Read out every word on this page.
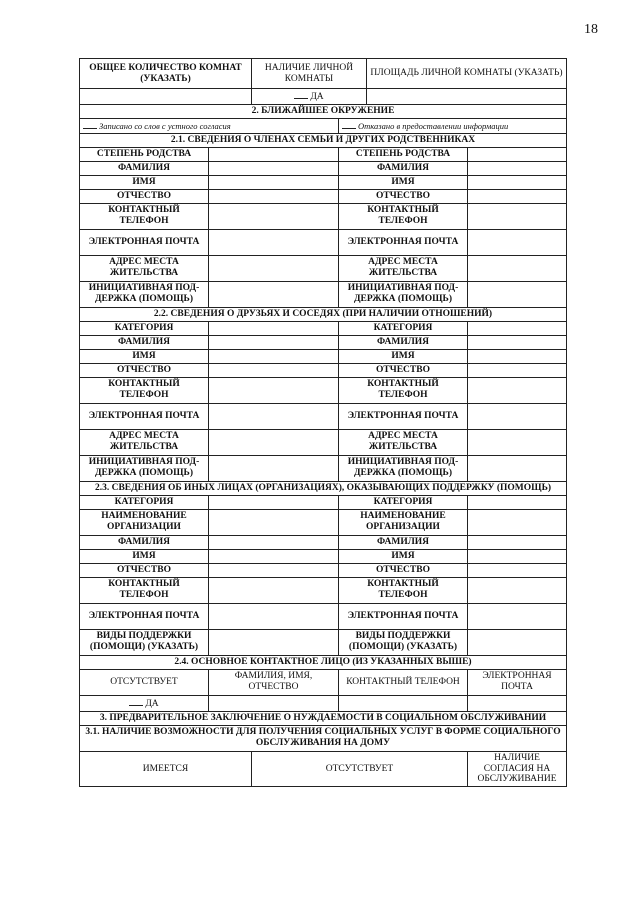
18
ОБЩЕЕ КОЛИЧЕСТВО КОМНАТ (УКАЗАТЬ)		НАЛИЧИЕ ЛИЧНОЙ КОМНАТЫ		ПЛОЩАДЬ ЛИЧНОЙ КОМНАТЫ (УКАЗАТЬ)	
		ДА			
2. БЛИЖАЙШЕЕ ОКРУЖЕНИЕ					
Записано со слов с устного согласия			Отказано в предоставлении информации		
2.1. СВЕДЕНИЯ О ЧЛЕНАХ СЕМЬИ И ДРУГИХ РОДСТВЕННИКАХ					
СТЕПЕНЬ РОДСТВА			СТЕПЕНЬ РОДСТВА		
ФАМИЛИЯ			ФАМИЛИЯ		
ИМЯ			ИМЯ		
ОТЧЕСТВО			ОТЧЕСТВО		
КОНТАКТНЫЙ ТЕЛЕФОН			КОНТАКТНЫЙ ТЕЛЕФОН		
ЭЛЕКТРОННАЯ ПОЧТА			ЭЛЕКТРОННАЯ ПОЧТА		
АДРЕС МЕСТА ЖИТЕЛЬСТВА			АДРЕС МЕСТА ЖИТЕЛЬСТВА		
ИНИЦИАТИВНАЯ ПОД-ДЕРЖКА (ПОМОЩЬ)			ИНИЦИАТИВНАЯ ПОД-ДЕРЖКА (ПОМОЩЬ)		
2.2. СВЕДЕНИЯ О ДРУЗЬЯХ И СОСЕДЯХ (ПРИ НАЛИЧИИ ОТНОШЕНИЙ)					
КАТЕГОРИЯ			КАТЕГОРИЯ		
ФАМИЛИЯ			ФАМИЛИЯ		
ИМЯ			ИМЯ		
ОТЧЕСТВО			ОТЧЕСТВО		
КОНТАКТНЫЙ ТЕЛЕФОН			КОНТАКТНЫЙ ТЕЛЕФОН		
ЭЛЕКТРОННАЯ ПОЧТА			ЭЛЕКТРОННАЯ ПОЧТА		
АДРЕС МЕСТА ЖИТЕЛЬСТВА			АДРЕС МЕСТА ЖИТЕЛЬСТВА		
ИНИЦИАТИВНАЯ ПОД-ДЕРЖКА (ПОМОЩЬ)			ИНИЦИАТИВНАЯ ПОД-ДЕРЖКА (ПОМОЩЬ)		
2.3. СВЕДЕНИЯ ОБ ИНЫХ ЛИЦАХ (ОРГАНИЗАЦИЯХ), ОКАЗЫВАЮЩИХ ПОДДЕРЖКУ (ПОМОЩЬ)					
КАТЕГОРИЯ			КАТЕГОРИЯ		
НАИМЕНОВАНИЕ ОРГАНИЗАЦИИ			НАИМЕНОВАНИЕ ОРГАНИЗАЦИИ		
ФАМИЛИЯ			ФАМИЛИЯ		
ИМЯ			ИМЯ		
ОТЧЕСТВО			ОТЧЕСТВО		
КОНТАКТНЫЙ ТЕЛЕФОН			КОНТАКТНЫЙ ТЕЛЕФОН		
ЭЛЕКТРОННАЯ ПОЧТА			ЭЛЕКТРОННАЯ ПОЧТА		
ВИДЫ ПОДДЕРЖКИ (ПОМОЩИ) (УКАЗАТЬ)			ВИДЫ ПОДДЕРЖКИ (ПОМОЩИ) (УКАЗАТЬ)		
2.4. ОСНОВНОЕ КОНТАКТНОЕ ЛИЦО (ИЗ УКАЗАННЫХ ВЫШЕ)					
ОТСУТСТВУЕТ	ФАМИЛИЯ, ИМЯ, ОТЧЕСТВО		КОНТАКТНЫЙ ТЕЛЕФОН		ЭЛЕКТРОННАЯ ПОЧТА
ДА					
3. ПРЕДВАРИТЕЛЬНОЕ ЗАКЛЮЧЕНИЕ О НУЖДАЕМОСТИ В СОЦИАЛЬНОМ ОБСЛУЖИВАНИИ					
3.1. НАЛИЧИЕ ВОЗМОЖНОСТИ ДЛЯ ПОЛУЧЕНИЯ СОЦИАЛЬНЫХ УСЛУГ В ФОРМЕ СОЦИАЛЬНОГО ОБСЛУЖИВАНИЯ НА ДОМУ					
ИМЕЕТСЯ		ОТСУТСТВУЕТ			НАЛИЧИЕ СОГЛАСИЯ НА ОБСЛУЖИВАНИЕ
